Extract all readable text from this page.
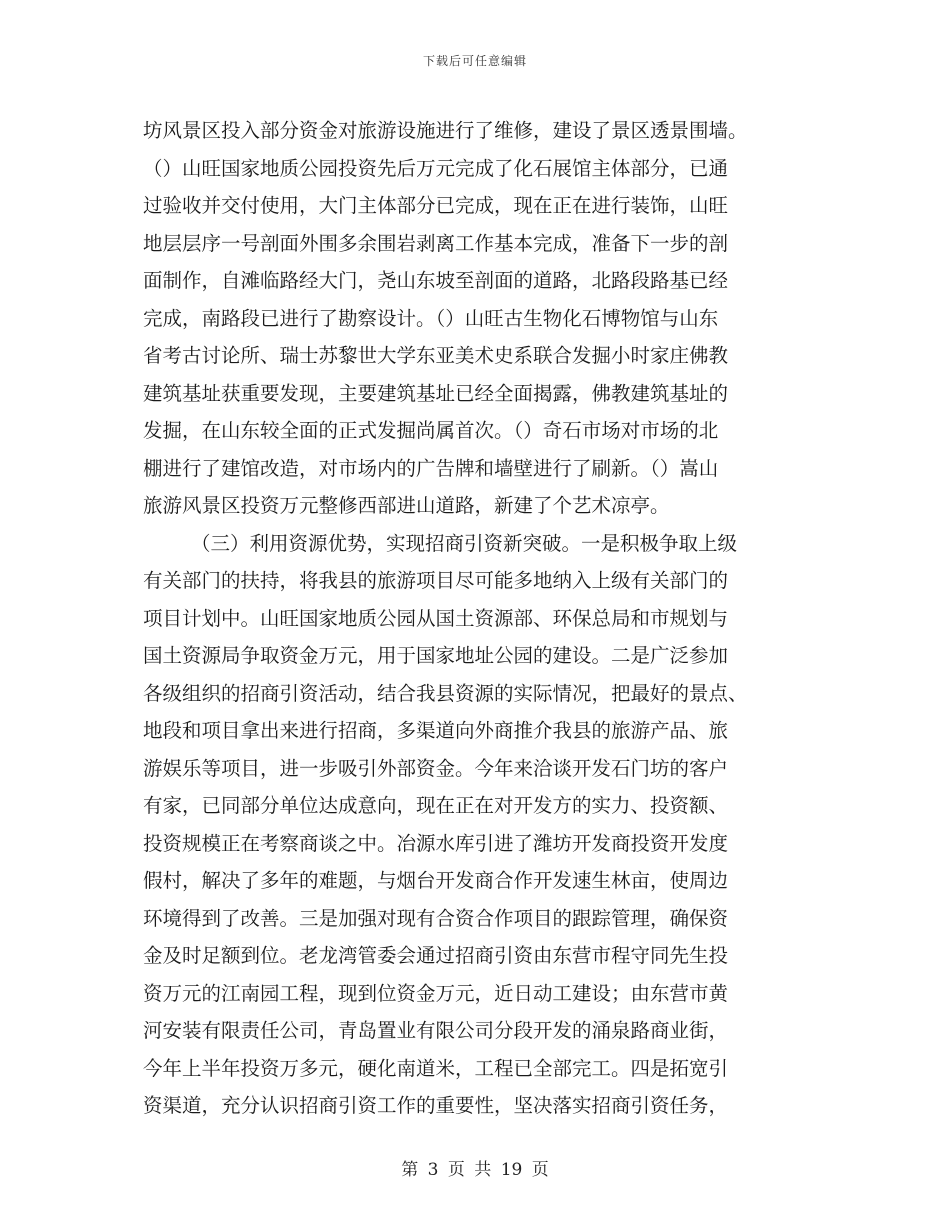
下载后可任意编辑
坊风景区投入部分资金对旅游设施进行了维修，建设了景区透景围墙。
（）山旺国家地质公园投资先后万元完成了化石展馆主体部分，已通
过验收并交付使用，大门主体部分已完成，现在正在进行装饰，山旺
地层层序一号剖面外围多余围岩剥离工作基本完成，准备下一步的剖
面制作，自滩临路经大门，尧山东坡至剖面的道路，北路段路基已经
完成，南路段已进行了勘察设计。（）山旺古生物化石博物馆与山东
省考古讨论所、瑞士苏黎世大学东亚美术史系联合发掘小时家庄佛教
建筑基址获重要发现，主要建筑基址已经全面揭露，佛教建筑基址的
发掘，在山东较全面的正式发掘尚属首次。（）奇石市场对市场的北
棚进行了建馆改造，对市场内的广告牌和墙壁进行了刷新。（）嵩山
旅游风景区投资万元整修西部进山道路，新建了个艺术凉亭。
（三）利用资源优势，实现招商引资新突破。一是积极争取上级
有关部门的扶持，将我县的旅游项目尽可能多地纳入上级有关部门的
项目计划中。山旺国家地质公园从国土资源部、环保总局和市规划与
国土资源局争取资金万元，用于国家地址公园的建设。二是广泛参加
各级组织的招商引资活动，结合我县资源的实际情况，把最好的景点、
地段和项目拿出来进行招商，多渠道向外商推介我县的旅游产品、旅
游娱乐等项目，进一步吸引外部资金。今年来洽谈开发石门坊的客户
有家，已同部分单位达成意向，现在正在对开发方的实力、投资额、
投资规模正在考察商谈之中。冶源水库引进了潍坊开发商投资开发度
假村，解决了多年的难题，与烟台开发商合作开发速生林亩，使周边
环境得到了改善。三是加强对现有合资合作项目的跟踪管理，确保资
金及时足额到位。老龙湾管委会通过招商引资由东营市程守同先生投
资万元的江南园工程，现到位资金万元，近日动工建设；由东营市黄
河安装有限责任公司，青岛置业有限公司分段开发的涌泉路商业街，
今年上半年投资万多元，硬化南道米，工程已全部完工。四是拓宽引
资渠道，充分认识招商引资工作的重要性，坚决落实招商引资任务，
第 3 页 共 19 页
